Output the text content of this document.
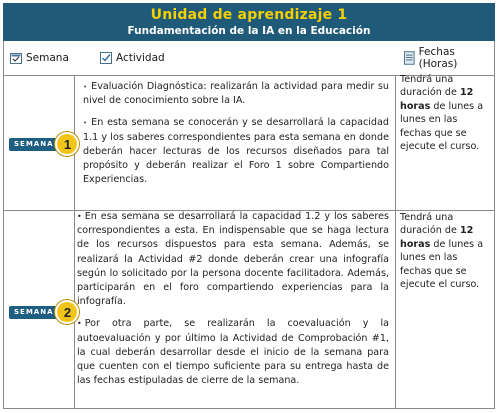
Unidad de aprendizaje 1
Fundamentación de la IA en la Educación
Semana	Actividad	Fechas (Horas)
SEMANA 1

• Evaluación Diagnóstica: realizarán la actividad para medir su nivel de conocimiento sobre la IA.

• En esta semana se conocerán y se desarrollará la capacidad 1.1 y los saberes correspondientes para esta semana en donde deberán hacer lecturas de los recursos diseñados para tal propósito y deberán realizar el Foro 1 sobre Compartiendo Experiencias.

Tendrá una duración de 12 horas de lunes a lunes en las fechas que se ejecute el curso.
SEMANA 2

• En esa semana se desarrollará la capacidad 1.2 y los saberes correspondientes a esta. En indispensable que se haga lectura de los recursos dispuestos para esta semana. Además, se realizará la Actividad #2 donde deberán crear una infografía según lo solicitado por la persona docente facilitadora. Además, participarán en el foro compartiendo experiencias para la infografía.

• Por otra parte, se realizarán la coevaluación y la autoevaluación y por último la Actividad de Comprobación #1, la cual deberán desarrollar desde el inicio de la semana para que cuenten con el tiempo suficiente para su entrega hasta de las fechas estipuladas de cierre de la semana.

Tendrá una duración de 12 horas de lunes a lunes en las fechas que se ejecute el curso.
